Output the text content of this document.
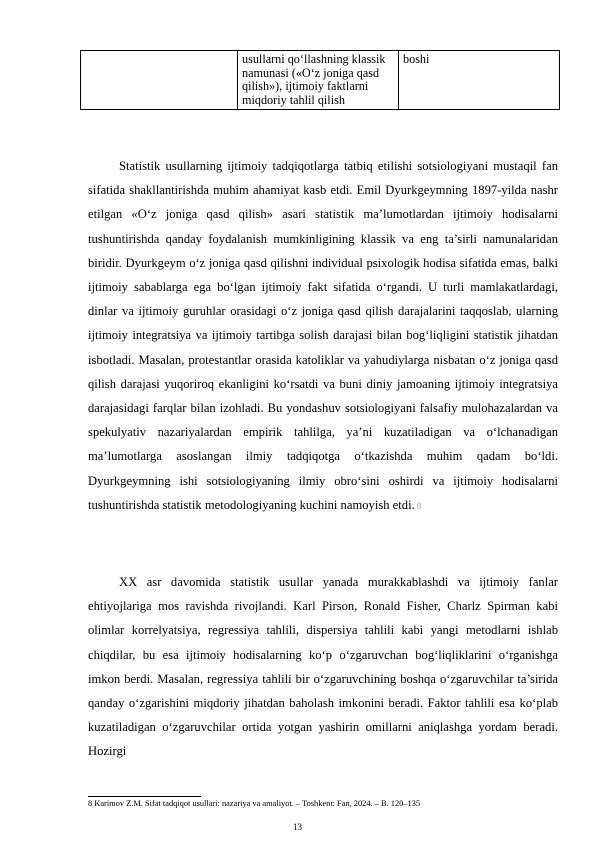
	usullarni qo‘llashning klassik namunasi («O‘z joniga qasd qilish»), ijtimoiy faktlarni miqdoriy tahlil qilish	boshi

Statistik usullarning ijtimoiy tadqiqotlarga tatbiq etilishi sotsiologiyani mustaqil fan sifatida shakllantirishda muhim ahamiyat kasb etdi. Emil Dyurkgeymning 1897-yilda nashr etilgan «O‘z joniga qasd qilish» asari statistik ma’lumotlardan ijtimoiy hodisalarni tushuntirishda qanday foydalanish mumkinligining klassik va eng ta’sirli namunalaridan biridir. Dyurkgeym o‘z joniga qasd qilishni individual psixologik hodisa sifatida emas, balki ijtimoiy sabablarga ega bo‘lgan ijtimoiy fakt sifatida o‘rgandi. U turli mamlakatlardagi, dinlar va ijtimoiy guruhlar orasidagi o‘z joniga qasd qilish darajalarini taqqoslab, ularning ijtimoiy integratsiya va ijtimoiy tartibga solish darajasi bilan bog‘liqligini statistik jihatdan isbotladi. Masalan, protestantlar orasida katoliklar va yahudiylarga nisbatan o‘z joniga qasd qilish darajasi yuqoriroq ekanligini ko‘rsatdi va buni diniy jamoaning ijtimoiy integratsiya darajasidagi farqlar bilan izohladi. Bu yondashuv sotsiologiyani falsafiy mulohazalardan va spekulyativ nazariyalardan empirik tahlilga, ya’ni kuzatiladigan va o‘lchanadigan ma’lumotlarga asoslangan ilmiy tadqiqotga o‘tkazishda muhim qadam bo‘ldi. Dyurkgeymning ishi sotsiologiyaning ilmiy obro‘sini oshirdi va ijtimoiy hodisalarni tushuntirishda statistik metodologiyaning kuchini namoyish etdi. 8

XX asr davomida statistik usullar yanada murakkablashdi va ijtimoiy fanlar ehtiyojlariga mos ravishda rivojlandi. Karl Pirson, Ronald Fisher, Charlz Spirman kabi olimlar korrelyatsiya, regressiya tahlili, dispersiya tahlili kabi yangi metodlarni ishlab chiqdilar, bu esa ijtimoiy hodisalarning ko‘p o‘zgaruvchan bog‘liqliklarini o‘rganishga imkon berdi. Masalan, regressiya tahlili bir o‘zgaruvchining boshqa o‘zgaruvchilar ta’sirida qanday o‘zgarishini miqdoriy jihatdan baholash imkonini beradi. Faktor tahlili esa ko‘plab kuzatiladigan o‘zgaruvchilar ortida yotgan yashirin omillarni aniqlashga yordam beradi. Hozirgi

8 Karimov Z.M. Sifat tadqiqot usullari: nazariya va amaliyot. – Toshkent: Fan, 2024. – B. 120–135

13
